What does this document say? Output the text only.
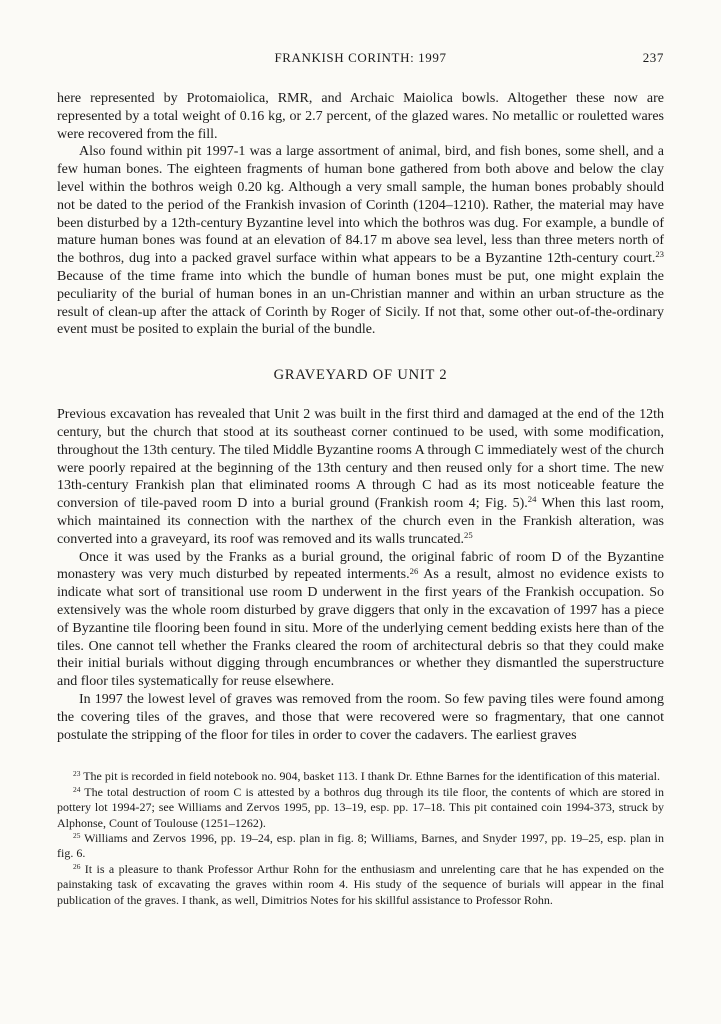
FRANKISH CORINTH: 1997	237

here represented by Protomaiolica, RMR, and Archaic Maiolica bowls. Altogether these now are represented by a total weight of 0.16 kg, or 2.7 percent, of the glazed wares. No metallic or rouletted wares were recovered from the fill.

Also found within pit 1997-1 was a large assortment of animal, bird, and fish bones, some shell, and a few human bones. The eighteen fragments of human bone gathered from both above and below the clay level within the bothros weigh 0.20 kg. Although a very small sample, the human bones probably should not be dated to the period of the Frankish invasion of Corinth (1204–1210). Rather, the material may have been disturbed by a 12th-century Byzantine level into which the bothros was dug. For example, a bundle of mature human bones was found at an elevation of 84.17 m above sea level, less than three meters north of the bothros, dug into a packed gravel surface within what appears to be a Byzantine 12th-century court.$^{23}$ Because of the time frame into which the bundle of human bones must be put, one might explain the peculiarity of the burial of human bones in an un-Christian manner and within an urban structure as the result of clean-up after the attack of Corinth by Roger of Sicily. If not that, some other out-of-the-ordinary event must be posited to explain the burial of the bundle.

GRAVEYARD OF UNIT 2

Previous excavation has revealed that Unit 2 was built in the first third and damaged at the end of the 12th century, but the church that stood at its southeast corner continued to be used, with some modification, throughout the 13th century. The tiled Middle Byzantine rooms A through C immediately west of the church were poorly repaired at the beginning of the 13th century and then reused only for a short time. The new 13th-century Frankish plan that eliminated rooms A through C had as its most noticeable feature the conversion of tile-paved room D into a burial ground (Frankish room 4; Fig. 5).$^{24}$ When this last room, which maintained its connection with the narthex of the church even in the Frankish alteration, was converted into a graveyard, its roof was removed and its walls truncated.$^{25}$

Once it was used by the Franks as a burial ground, the original fabric of room D of the Byzantine monastery was very much disturbed by repeated interments.$^{26}$ As a result, almost no evidence exists to indicate what sort of transitional use room D underwent in the first years of the Frankish occupation. So extensively was the whole room disturbed by grave diggers that only in the excavation of 1997 has a piece of Byzantine tile flooring been found in situ. More of the underlying cement bedding exists here than of the tiles. One cannot tell whether the Franks cleared the room of architectural debris so that they could make their initial burials without digging through encumbrances or whether they dismantled the superstructure and floor tiles systematically for reuse elsewhere.

In 1997 the lowest level of graves was removed from the room. So few paving tiles were found among the covering tiles of the graves, and those that were recovered were so fragmentary, that one cannot postulate the stripping of the floor for tiles in order to cover the cadavers. The earliest graves

$^{23}$ The pit is recorded in field notebook no. 904, basket 113. I thank Dr. Ethne Barnes for the identification of this material.

$^{24}$ The total destruction of room C is attested by a bothros dug through its tile floor, the contents of which are stored in pottery lot 1994-27; see Williams and Zervos 1995, pp. 13–19, esp. pp. 17–18. This pit contained coin 1994-373, struck by Alphonse, Count of Toulouse (1251–1262).

$^{25}$ Williams and Zervos 1996, pp. 19–24, esp. plan in fig. 8; Williams, Barnes, and Snyder 1997, pp. 19–25, esp. plan in fig. 6.

$^{26}$ It is a pleasure to thank Professor Arthur Rohn for the enthusiasm and unrelenting care that he has expended on the painstaking task of excavating the graves within room 4. His study of the sequence of burials will appear in the final publication of the graves. I thank, as well, Dimitrios Notes for his skillful assistance to Professor Rohn.
